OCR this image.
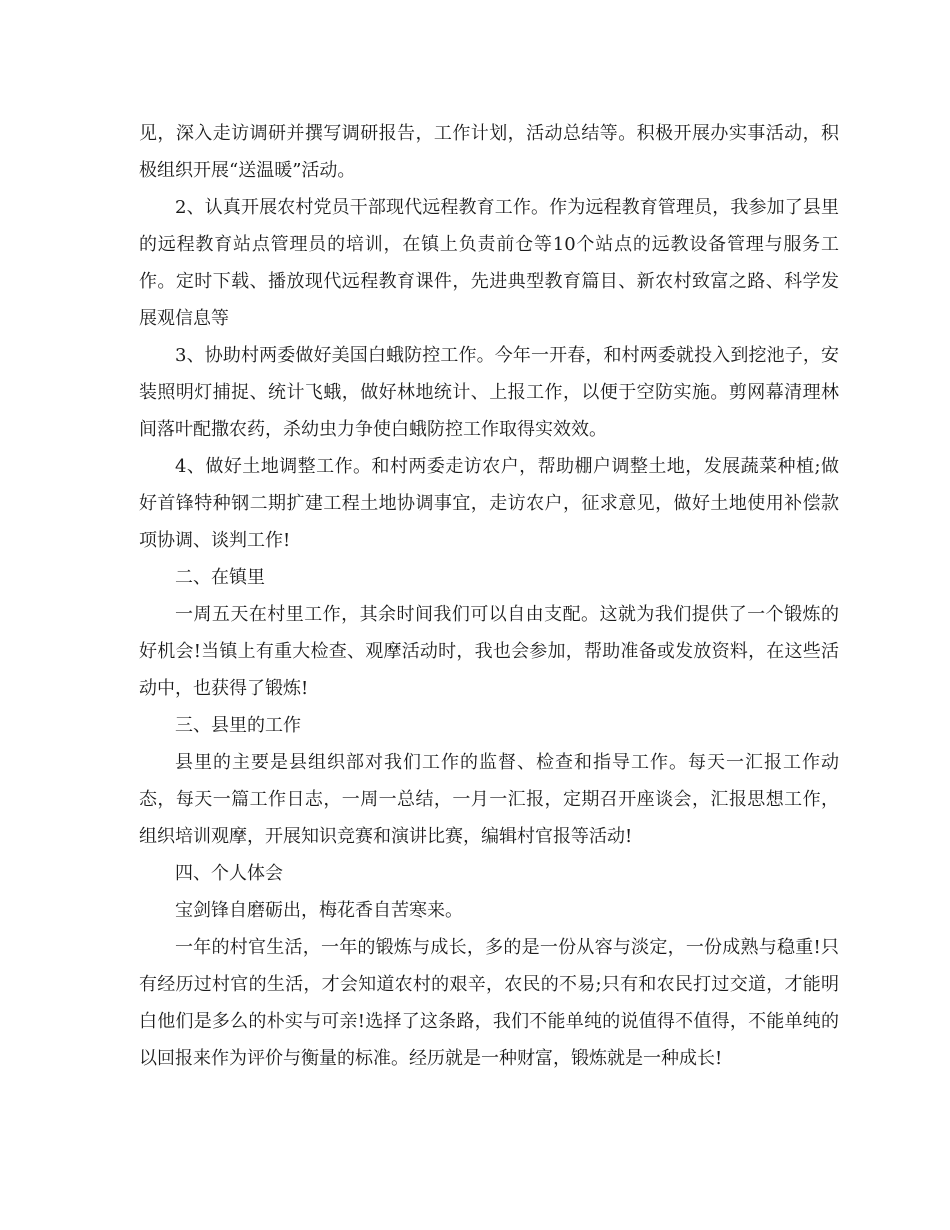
见，深入走访调研并撰写调研报告，工作计划，活动总结等。积极开展办实事活动，积极组织开展“送温暖”活动。

2、认真开展农村党员干部现代远程教育工作。作为远程教育管理员，我参加了县里的远程教育站点管理员的培训，在镇上负责前仓等10个站点的远教设备管理与服务工作。定时下载、播放现代远程教育课件，先进典型教育篇目、新农村致富之路、科学发展观信息等

3、协助村两委做好美国白蛾防控工作。今年一开春，和村两委就投入到挖池子，安装照明灯捕捉、统计飞蛾，做好林地统计、上报工作，以便于空防实施。剪网幕清理林间落叶配撒农药，杀幼虫力争使白蛾防控工作取得实效效。

4、做好土地调整工作。和村两委走访农户，帮助棚户调整土地，发展蔬菜种植;做好首锋特种钢二期扩建工程土地协调事宜，走访农户，征求意见，做好土地使用补偿款项协调、谈判工作!

二、在镇里

一周五天在村里工作，其余时间我们可以自由支配。这就为我们提供了一个锻炼的好机会!当镇上有重大检查、观摩活动时，我也会参加，帮助准备或发放资料，在这些活动中，也获得了锻炼!

三、县里的工作

县里的主要是县组织部对我们工作的监督、检查和指导工作。每天一汇报工作动态，每天一篇工作日志，一周一总结，一月一汇报，定期召开座谈会，汇报思想工作，组织培训观摩，开展知识竞赛和演讲比赛，编辑村官报等活动!

四、个人体会

宝剑锋自磨砺出，梅花香自苦寒来。

一年的村官生活，一年的锻炼与成长，多的是一份从容与淡定，一份成熟与稳重!只有经历过村官的生活，才会知道农村的艰辛，农民的不易;只有和农民打过交道，才能明白他们是多么的朴实与可亲!选择了这条路，我们不能单纯的说值得不值得，不能单纯的以回报来作为评价与衡量的标准。经历就是一种财富，锻炼就是一种成长!
